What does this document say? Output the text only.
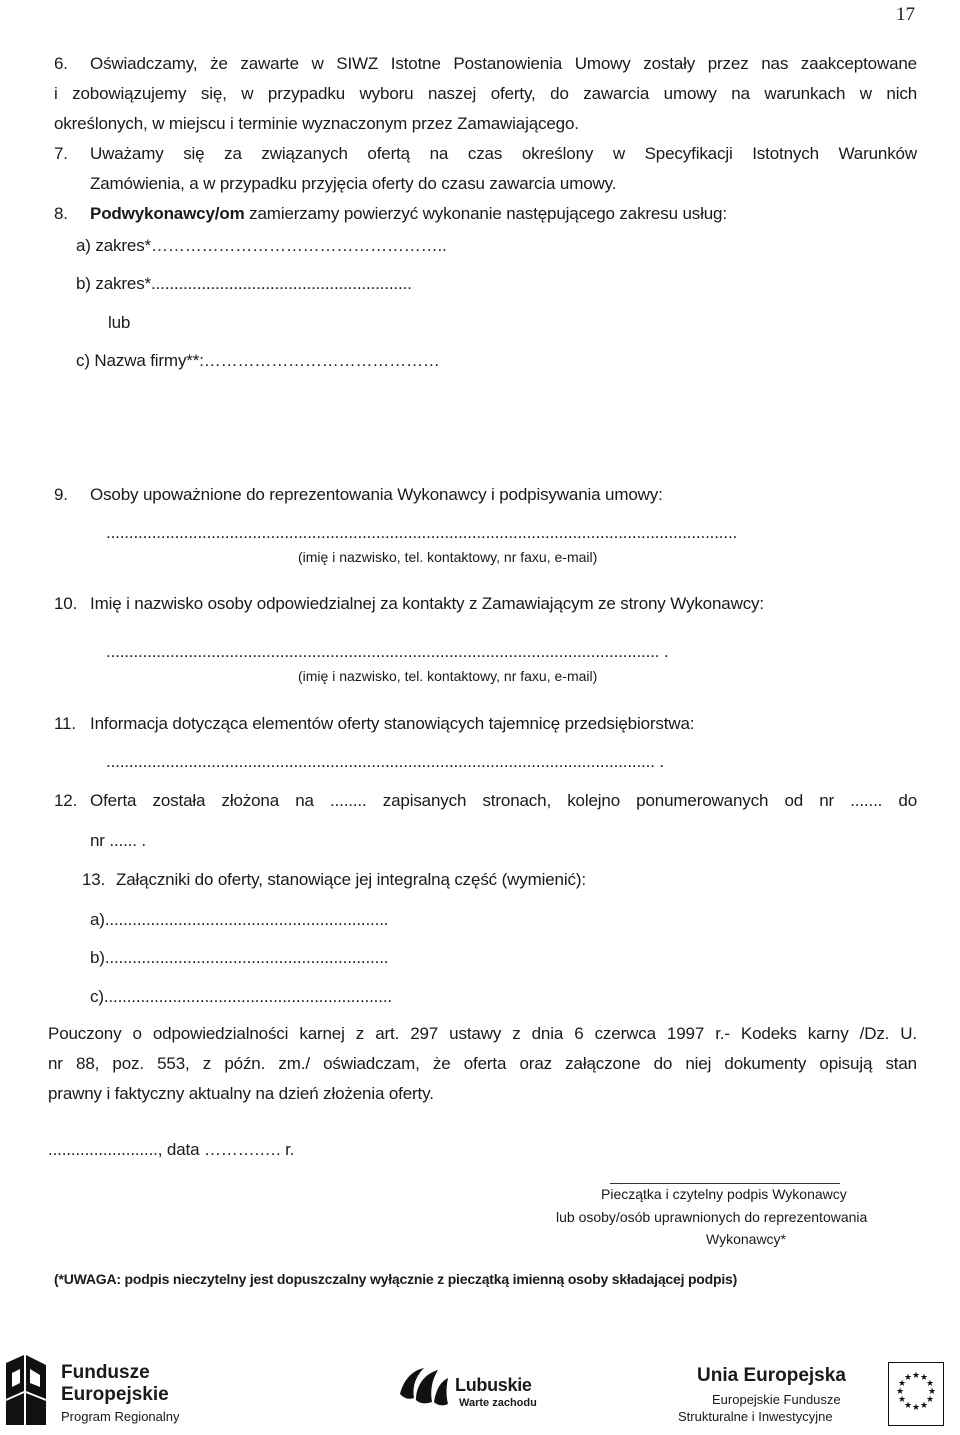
17
6. Oświadczamy, że zawarte w SIWZ Istotne Postanowienia Umowy zostały przez nas zaakceptowane
i zobowiązujemy się, w przypadku wyboru naszej oferty, do zawarcia umowy na warunkach w nich
określonych, w miejscu i terminie wyznaczonym przez Zamawiającego.
7. Uważamy się za związanych ofertą na czas określony w Specyfikacji Istotnych Warunków
Zamówienia, a w przypadku przyjęcia oferty do czasu zawarcia umowy.
8. Podwykonawcy/om zamierzamy powierzyć wykonanie następującego zakresu usług:
a) zakres*……………………………………………..
b) zakres*.........................................................
lub
c) Nazwa firmy**:……………………………………
9. Osoby upoważnione do reprezentowania Wykonawcy i podpisywania umowy:
..........................................................................................................................................
(imię i nazwisko, tel. kontaktowy, nr faxu, e-mail)
10. Imię i nazwisko osoby odpowiedzialnej za kontakty z Zamawiającym ze strony Wykonawcy:
......................................................................................................................... .
(imię i nazwisko, tel. kontaktowy, nr faxu, e-mail)
11. Informacja dotycząca elementów oferty stanowiących tajemnicę przedsiębiorstwa:
........................................................................................................................ .
12. Oferta została złożona na ........ zapisanych stronach, kolejno ponumerowanych od nr ....... do
nr ...... .
13. Załączniki do oferty, stanowiące jej integralną część (wymienić):
a)..............................................................
b)..............................................................
c)...............................................................
Pouczony o odpowiedzialności karnej z art. 297 ustawy z dnia 6 czerwca 1997 r.- Kodeks karny /Dz. U.
nr 88, poz. 553, z późn. zm./ oświadczam, że oferta oraz załączone do niej dokumenty opisują stan
prawny i faktyczny aktualny na dzień złożenia oferty.
........................, data ……….…. r.
Pieczątka i czytelny podpis Wykonawcy
lub osoby/osób uprawnionych do reprezentowania
Wykonawcy*
(*UWAGA: podpis nieczytelny jest dopuszczalny wyłącznie z pieczątką imienną osoby składającej podpis)
Fundusze
Europejskie
Program Regionalny
Lubuskie
Warte zachodu
Unia Europejska
Europejskie Fundusze
Strukturalne i Inwestycyjne
★ ★
★
★
★
★
★
★
★
★
★
★
